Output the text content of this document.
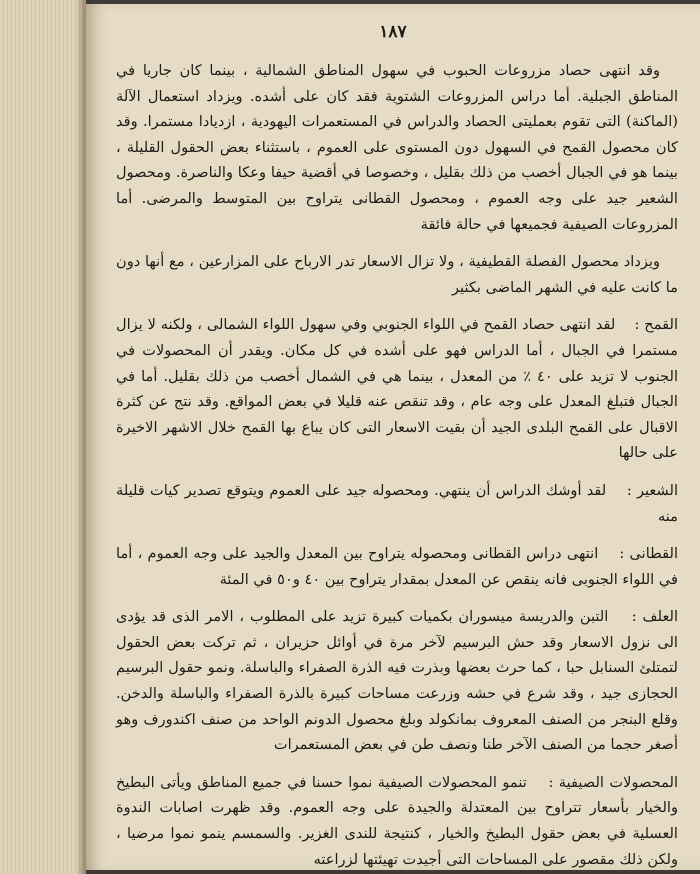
١٨٧

وقد انتهى حصاد مزروعات الحبوب في سهول المناطق الشمالية ، بينما كان جاريا في المناطق الجبلية. أما دراس المزروعات الشتوية فقد كان على أشده. ويزداد استعمال الآلة (الماكنة) التى تقوم بعمليتى الحصاد والدراس في المستعمرات اليهودية ، ازديادا مستمرا. وقد كان محصول القمح في السهول دون المستوى على العموم ، باستثناء بعض الحقول القليلة ، بينما هو في الجبال أخصب من ذلك بقليل ، وخصوصا في أقضية حيفا وعكا والناصرة. ومحصول الشعير جيد على وجه العموم ، ومحصول القطانى يتراوح بين المتوسط والمرضى. أما المزروعات الصيفية فجميعها في حالة فائقة

ويزداد محصول الفصلة القطيفية ، ولا تزال الاسعار تدر الارباح على المزارعين ، مع أنها دون ما كانت عليه في الشهر الماضى بكثير

القمح :    لقد انتهى حصاد القمح في اللواء الجنوبي وفي سهول اللواء الشمالى ، ولكنه لا يزال مستمرا في الجبال ، أما الدراس فهو على أشده في كل مكان. ويقدر أن المحصولات في الجنوب لا تزيد على ٤٠ ٪ من المعدل ، بينما هي في الشمال أخصب من ذلك بقليل. أما في الجبال فتبلغ المعدل على وجه عام ، وقد تنقص عنه قليلا في بعض المواقع. وقد نتج عن كثرة الاقبال على القمح البلدى الجيد أن بقيت الاسعار التى كان يباع بها القمح خلال الاشهر الاخيرة على حالها

الشعير :    لقد أوشك الدراس أن ينتهي. ومحصوله جيد على العموم ويتوقع تصدير كيات قليلة منه

القطانى :    انتهى دراس القطانى ومحصوله يتراوح بين المعدل والجيد على وجه العموم ، أما في اللواء الجنوبى فانه ينقص عن المعدل بمقدار يتراوح بين ٤٠ و٥٠ في المئة

العلف :    التبن والدريسة ميسوران بكميات كبيرة تزيد على المطلوب ، الامر الذى قد يؤدى الى نزول الاسعار وقد حش البرسيم لآخر مرة في أوائل حزيران ، ثم تركت بعض الحقول لتمتلئ السنابل حبا ، كما حرث بعضها وبذرت فيه الذرة الصفراء والباسلة. ونمو حقول البرسيم الحجازى جيد ، وقد شرع في حشه وزرعت مساحات كبيرة بالذرة الصفراء والباسلة والدخن. وقلع البنجر من الصنف المعروف بمانكولد وبلغ محصول الدونم الواحد من صنف اكندورف وهو أصغر حجما من الصنف الآخر طنا ونصف طن في بعض المستعمرات

المحصولات الصيفية :    تنمو المحصولات الصيفية نموا حسنا في جميع المناطق ويأتى البطيخ والخيار بأسعار تتراوح بين المعتدلة والجيدة على وجه العموم. وقد ظهرت اصابات الندوة العسلية في بعض حقول البطيخ والخيار ، كنتيجة للندى الغزير. والسمسم ينمو نموا مرضيا ، ولكن ذلك مقصور على المساحات التى أجيدت تهيئتها لزراعته
